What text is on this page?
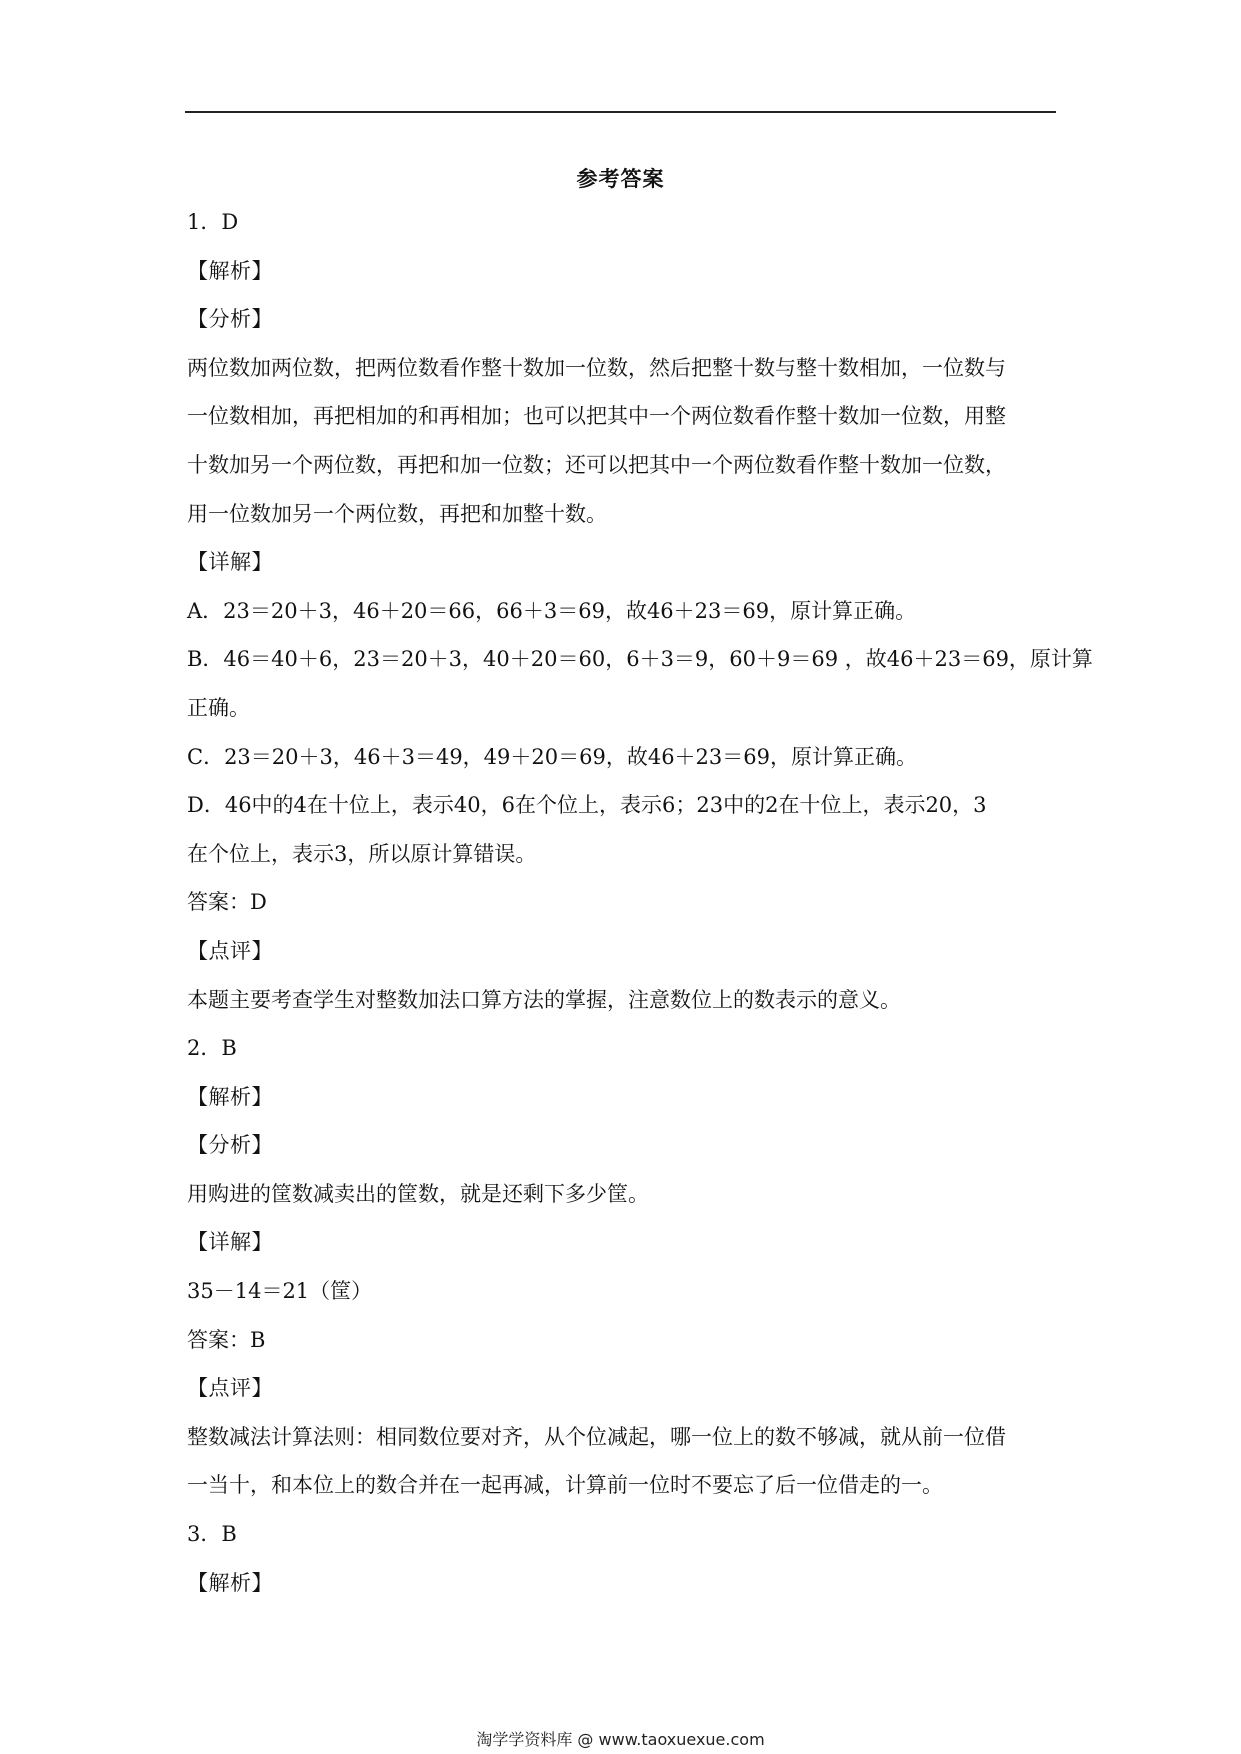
参考答案
1．D
【解析】
【分析】
两位数加两位数，把两位数看作整十数加一位数，然后把整十数与整十数相加，一位数与
一位数相加，再把相加的和再相加；也可以把其中一个两位数看作整十数加一位数，用整
十数加另一个两位数，再把和加一位数；还可以把其中一个两位数看作整十数加一位数，
用一位数加另一个两位数，再把和加整十数。
【详解】
A．23＝20＋3，46＋20＝66，66＋3＝69，故46＋23＝69，原计算正确。
B．46＝40＋6，23＝20＋3，40＋20＝60，6＋3＝9，60＋9＝69 ，故46＋23＝69，原计算
正确。
C．23＝20＋3，46＋3＝49，49＋20＝69，故46＋23＝69，原计算正确。
D．46中的4在十位上，表示40，6在个位上，表示6；23中的2在十位上，表示20，3
在个位上，表示3，所以原计算错误。
答案：D
【点评】
本题主要考查学生对整数加法口算方法的掌握，注意数位上的数表示的意义。
2．B
【解析】
【分析】
用购进的筐数减卖出的筐数，就是还剩下多少筐。
【详解】
35－14＝21（筐）
答案：B
【点评】
整数减法计算法则：相同数位要对齐，从个位减起，哪一位上的数不够减，就从前一位借
一当十，和本位上的数合并在一起再减，计算前一位时不要忘了后一位借走的一。
3．B
【解析】
淘学学资料库 @ www.taoxuexue.com
